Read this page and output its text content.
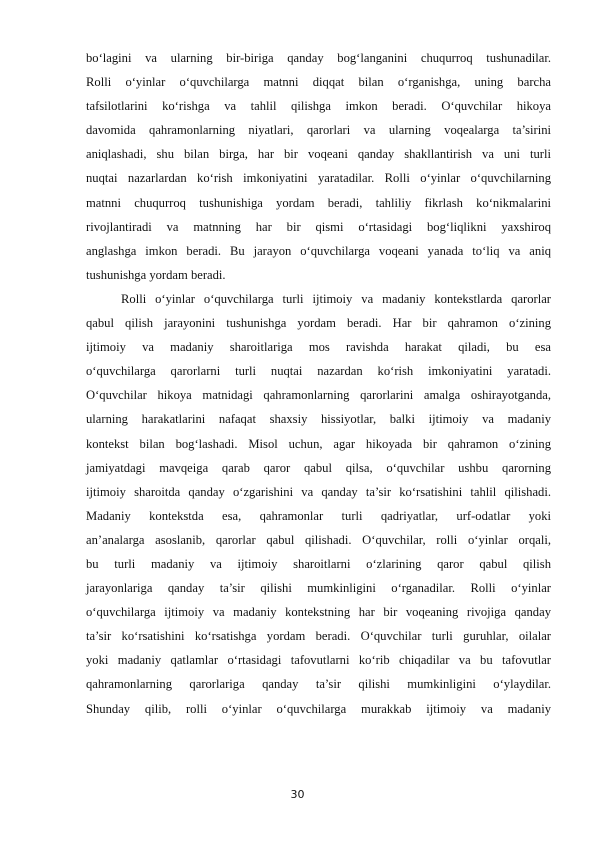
bo‘lagini va ularning bir-biriga qanday bog‘langanini chuqurroq tushunadilar.
Rolli o‘yinlar o‘quvchilarga matnni diqqat bilan o‘rganishga, uning barcha
tafsilotlarini ko‘rishga va tahlil qilishga imkon beradi. O‘quvchilar hikoya
davomida qahramonlarning niyatlari, qarorlari va ularning voqealarga ta’sirini
aniqlashadi, shu bilan birga, har bir voqeani qanday shakllantirish va uni turli
nuqtai nazarlardan ko‘rish imkoniyatini yaratadilar. Rolli o‘yinlar o‘quvchilarning
matnni chuqurroq tushunishiga yordam beradi, tahliliy fikrlash ko‘nikmalarini
rivojlantiradi va matnning har bir qismi o‘rtasidagi bog‘liqlikni yaxshiroq
anglashga imkon beradi. Bu jarayon o‘quvchilarga voqeani yanada to‘liq va aniq
tushunishga yordam beradi.
Rolli o‘yinlar o‘quvchilarga turli ijtimoiy va madaniy kontekstlarda qarorlar
qabul qilish jarayonini tushunishga yordam beradi. Har bir qahramon o‘zining
ijtimoiy va madaniy sharoitlariga mos ravishda harakat qiladi, bu esa
o‘quvchilarga qarorlarni turli nuqtai nazardan ko‘rish imkoniyatini yaratadi.
O‘quvchilar hikoya matnidagi qahramonlarning qarorlarini amalga oshirayotganda,
ularning harakatlarini nafaqat shaxsiy hissiyotlar, balki ijtimoiy va madaniy
kontekst bilan bog‘lashadi. Misol uchun, agar hikoyada bir qahramon o‘zining
jamiyatdagi mavqeiga qarab qaror qabul qilsa, o‘quvchilar ushbu qarorning
ijtimoiy sharoitda qanday o‘zgarishini va qanday ta’sir ko‘rsatishini tahlil qilishadi.
Madaniy kontekstda esa, qahramonlar turli qadriyatlar, urf-odatlar yoki
an’analarga asoslanib, qarorlar qabul qilishadi. O‘quvchilar, rolli o‘yinlar orqali,
bu turli madaniy va ijtimoiy sharoitlarni o‘zlarining qaror qabul qilish
jarayonlariga qanday ta’sir qilishi mumkinligini o‘rganadilar. Rolli o‘yinlar
o‘quvchilarga ijtimoiy va madaniy kontekstning har bir voqeaning rivojiga qanday
ta’sir ko‘rsatishini ko‘rsatishga yordam beradi. O‘quvchilar turli guruhlar, oilalar
yoki madaniy qatlamlar o‘rtasidagi tafovutlarni ko‘rib chiqadilar va bu tafovutlar
qahramonlarning qarorlariga qanday ta’sir qilishi mumkinligini o‘ylaydilar.
Shunday qilib, rolli o‘yinlar o‘quvchilarga murakkab ijtimoiy va madaniy
30
